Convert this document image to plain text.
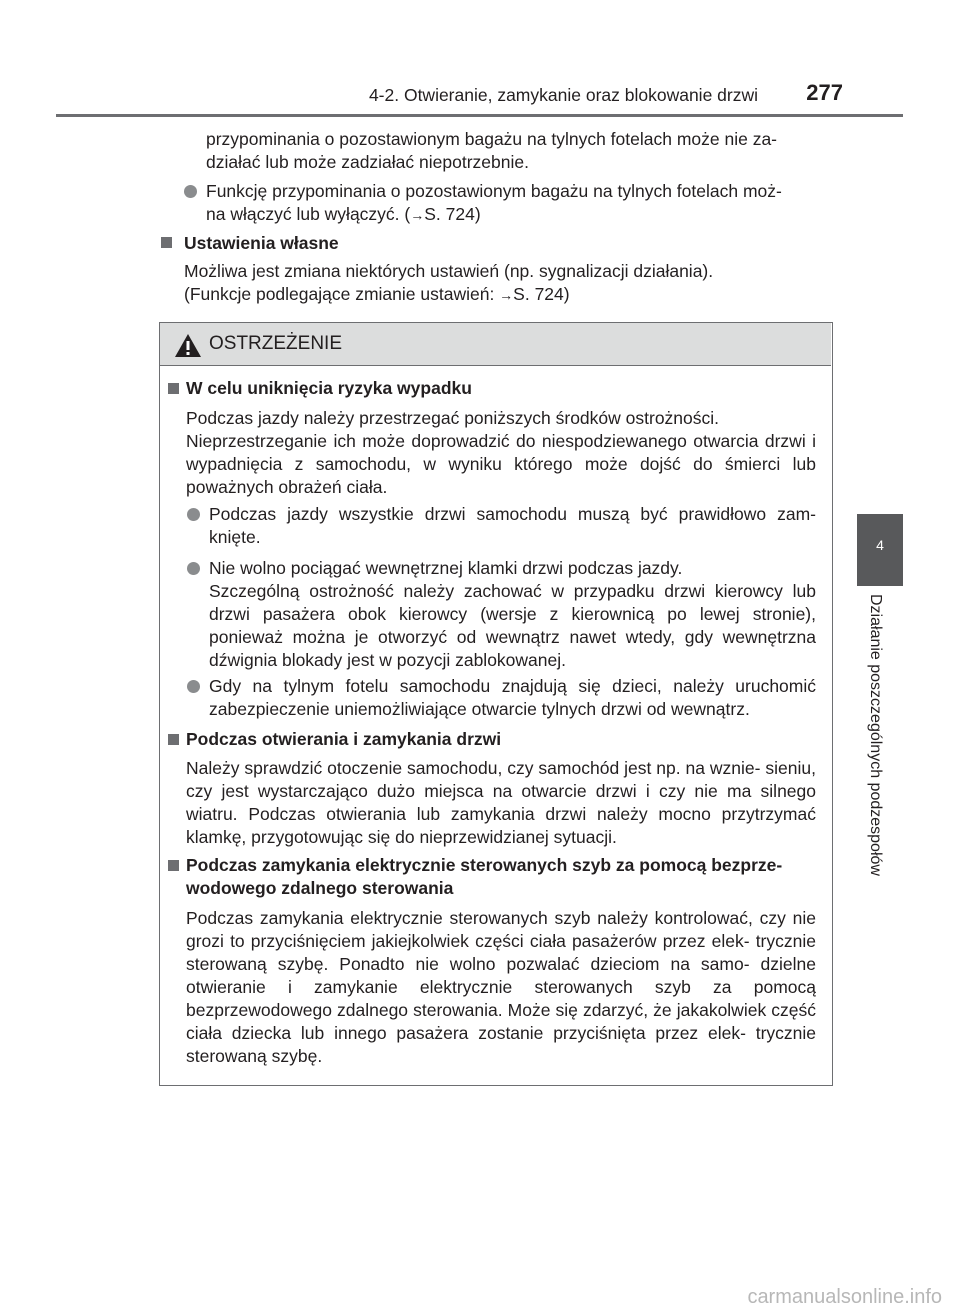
4-2. Otwieranie, zamykanie oraz blokowanie drzwi 277
4
Działanie poszczególnych podzespołów
przypominania o pozostawionym bagażu na tylnych fotelach może nie za-
działać lub może zadziałać niepotrzebnie.
Funkcję przypominania o pozostawionym bagażu na tylnych fotelach moż-
na włączyć lub wyłączyć. (→S. 724)
Ustawienia własne
Możliwa jest zmiana niektórych ustawień (np. sygnalizacji działania).
(Funkcje podlegające zmianie ustawień: →S. 724)
OSTRZEŻENIE
W celu uniknięcia ryzyka wypadku
Podczas jazdy należy przestrzegać poniższych środków ostrożności.
Nieprzestrzeganie ich może doprowadzić do niespodziewanego otwarcia drzwi i wypadnięcia z samochodu, w wyniku którego może dojść do śmierci lub poważnych obrażeń ciała.
Podczas jazdy wszystkie drzwi samochodu muszą być prawidłowo zam- knięte.
Nie wolno pociągać wewnętrznej klamki drzwi podczas jazdy.
Szczególną ostrożność należy zachować w przypadku drzwi kierowcy lub drzwi pasażera obok kierowcy (wersje z kierownicą po lewej stronie), ponieważ można je otworzyć od wewnątrz nawet wtedy, gdy wewnętrzna dźwignia blokady jest w pozycji zablokowanej.
Gdy na tylnym fotelu samochodu znajdują się dzieci, należy uruchomić zabezpieczenie uniemożliwiające otwarcie tylnych drzwi od wewnątrz.
Podczas otwierania i zamykania drzwi
Należy sprawdzić otoczenie samochodu, czy samochód jest np. na wznie- sieniu, czy jest wystarczająco dużo miejsca na otwarcie drzwi i czy nie ma silnego wiatru. Podczas otwierania lub zamykania drzwi należy mocno przytrzymać klamkę, przygotowując się do nieprzewidzianej sytuacji.
Podczas zamykania elektrycznie sterowanych szyb za pomocą bezprze-
wodowego zdalnego sterowania
Podczas zamykania elektrycznie sterowanych szyb należy kontrolować, czy nie grozi to przyciśnięciem jakiejkolwiek części ciała pasażerów przez elek- trycznie sterowaną szybę. Ponadto nie wolno pozwalać dzieciom na samo- dzielne otwieranie i zamykanie elektrycznie sterowanych szyb za pomocą bezprzewodowego zdalnego sterowania. Może się zdarzyć, że jakakolwiek część ciała dziecka lub innego pasażera zostanie przyciśnięta przez elek- trycznie sterowaną szybę.
carmanualsonline.info
